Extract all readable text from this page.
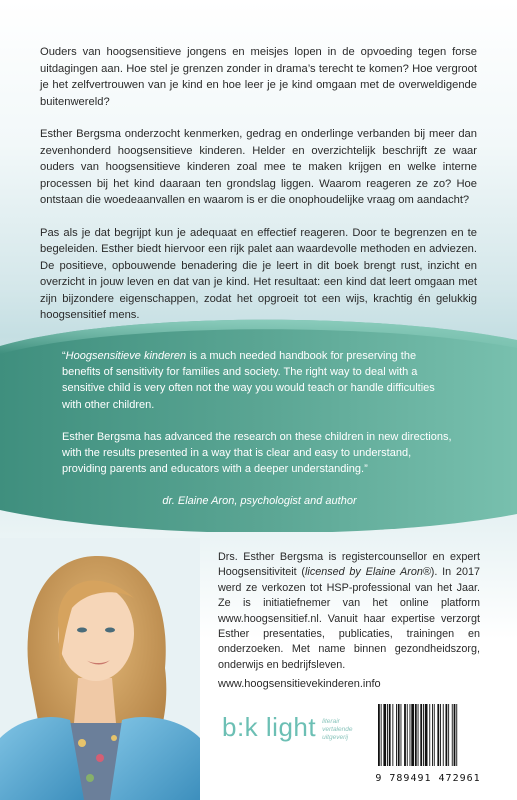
Ouders van hoogsensitieve jongens en meisjes lopen in de opvoeding tegen forse uitdagingen aan. Hoe stel je grenzen zonder in drama’s terecht te komen? Hoe vergroot je het zelfvertrouwen van je kind en hoe leer je je kind omgaan met de overweldigende buitenwereld?

Esther Bergsma onderzocht kenmerken, gedrag en onderlinge verbanden bij meer dan zevenhonderd hoogsensitieve kinderen. Helder en overzichtelijk beschrijft ze waar ouders van hoogsensitieve kinderen zoal mee te maken krijgen en welke interne processen bij het kind daaraan ten grondslag liggen. Waarom reageren ze zo? Hoe ontstaan die woedeaanvallen en waarom is er die onophoudelijke vraag om aandacht?

Pas als je dat begrijpt kun je adequaat en effectief reageren. Door te begrenzen en te begeleiden. Esther biedt hiervoor een rijk palet aan waardevolle methoden en adviezen. De positieve, opbouwende benadering die je leert in dit boek brengt rust, inzicht en overzicht in jouw leven en dat van je kind. Het resultaat: een kind dat leert omgaan met zijn bijzondere eigenschappen, zodat het opgroeit tot een wijs, krachtig én gelukkig hoogsensitief mens.

“Hoogsensitieve kinderen is a much needed handbook for preserving the benefits of sensitivity for families and society. The right way to deal with a sensitive child is very often not the way you would teach or handle difficulties with other children.

Esther Bergsma has advanced the research on these children in new directions, with the results presented in a way that is clear and easy to understand, providing parents and educators with a deeper understanding.”

dr. Elaine Aron, psychologist and author

Drs. Esther Bergsma is registercounsellor en expert Hoogsensitiviteit (licensed by Elaine Aron®). In 2017 werd ze verkozen tot HSP-professional van het Jaar. Ze is initiatiefnemer van het online platform www.hoogsensitief.nl. Vanuit haar expertise verzorgt Esther presentaties, publicaties, trainingen en onderzoeken. Met name binnen gezondheidszorg, onderwijs en bedrijfsleven.

www.hoogsensitievekinderen.info
b:k light literair vertalende uitgeverij
9 789491 472961
